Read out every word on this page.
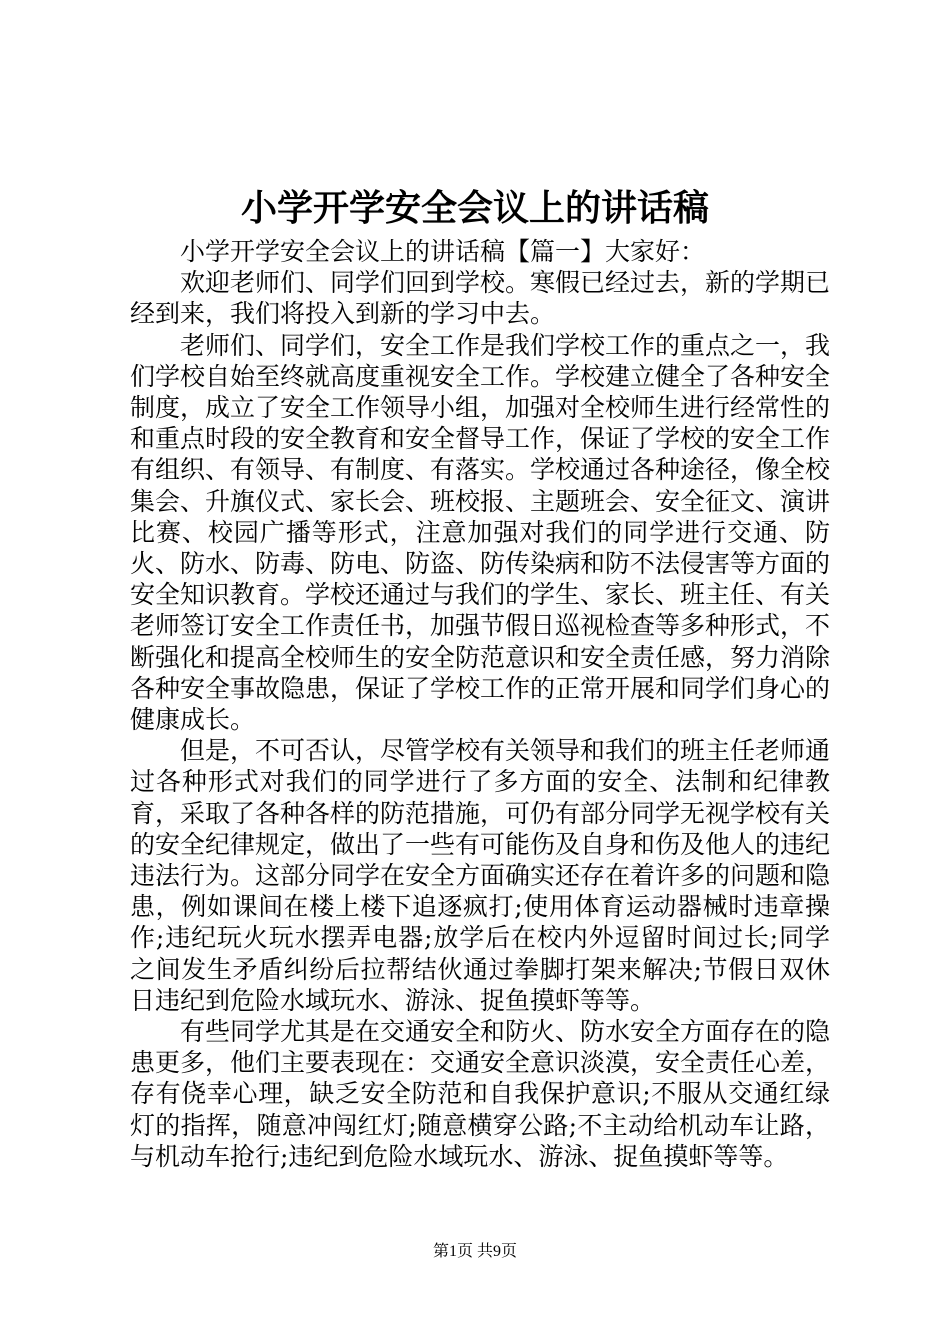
小学开学安全会议上的讲话稿

小学开学安全会议上的讲话稿【篇一】大家好：

欢迎老师们、同学们回到学校。寒假已经过去，新的学期已经到来，我们将投入到新的学习中去。

老师们、同学们，安全工作是我们学校工作的重点之一，我们学校自始至终就高度重视安全工作。学校建立健全了各种安全制度，成立了安全工作领导小组，加强对全校师生进行经常性的和重点时段的安全教育和安全督导工作，保证了学校的安全工作有组织、有领导、有制度、有落实。学校通过各种途径，像全校集会、升旗仪式、家长会、班校报、主题班会、安全征文、演讲比赛、校园广播等形式，注意加强对我们的同学进行交通、防火、防水、防毒、防电、防盗、防传染病和防不法侵害等方面的安全知识教育。学校还通过与我们的学生、家长、班主任、有关老师签订安全工作责任书，加强节假日巡视检查等多种形式，不断强化和提高全校师生的安全防范意识和安全责任感，努力消除各种安全事故隐患，保证了学校工作的正常开展和同学们身心的健康成长。

但是，不可否认，尽管学校有关领导和我们的班主任老师通过各种形式对我们的同学进行了多方面的安全、法制和纪律教育，采取了各种各样的防范措施，可仍有部分同学无视学校有关的安全纪律规定，做出了一些有可能伤及自身和伤及他人的违纪违法行为。这部分同学在安全方面确实还存在着许多的问题和隐患，例如课间在楼上楼下追逐疯打;使用体育运动器械时违章操作;违纪玩火玩水摆弄电器;放学后在校内外逗留时间过长;同学之间发生矛盾纠纷后拉帮结伙通过拳脚打架来解决;节假日双休日违纪到危险水域玩水、游泳、捉鱼摸虾等等。

有些同学尤其是在交通安全和防火、防水安全方面存在的隐患更多，他们主要表现在：交通安全意识淡漠，安全责任心差，存有侥幸心理，缺乏安全防范和自我保护意识;不服从交通红绿灯的指挥，随意冲闯红灯;随意横穿公路;不主动给机动车让路，与机动车抢行;违纪到危险水域玩水、游泳、捉鱼摸虾等等。

第1页 共9页
